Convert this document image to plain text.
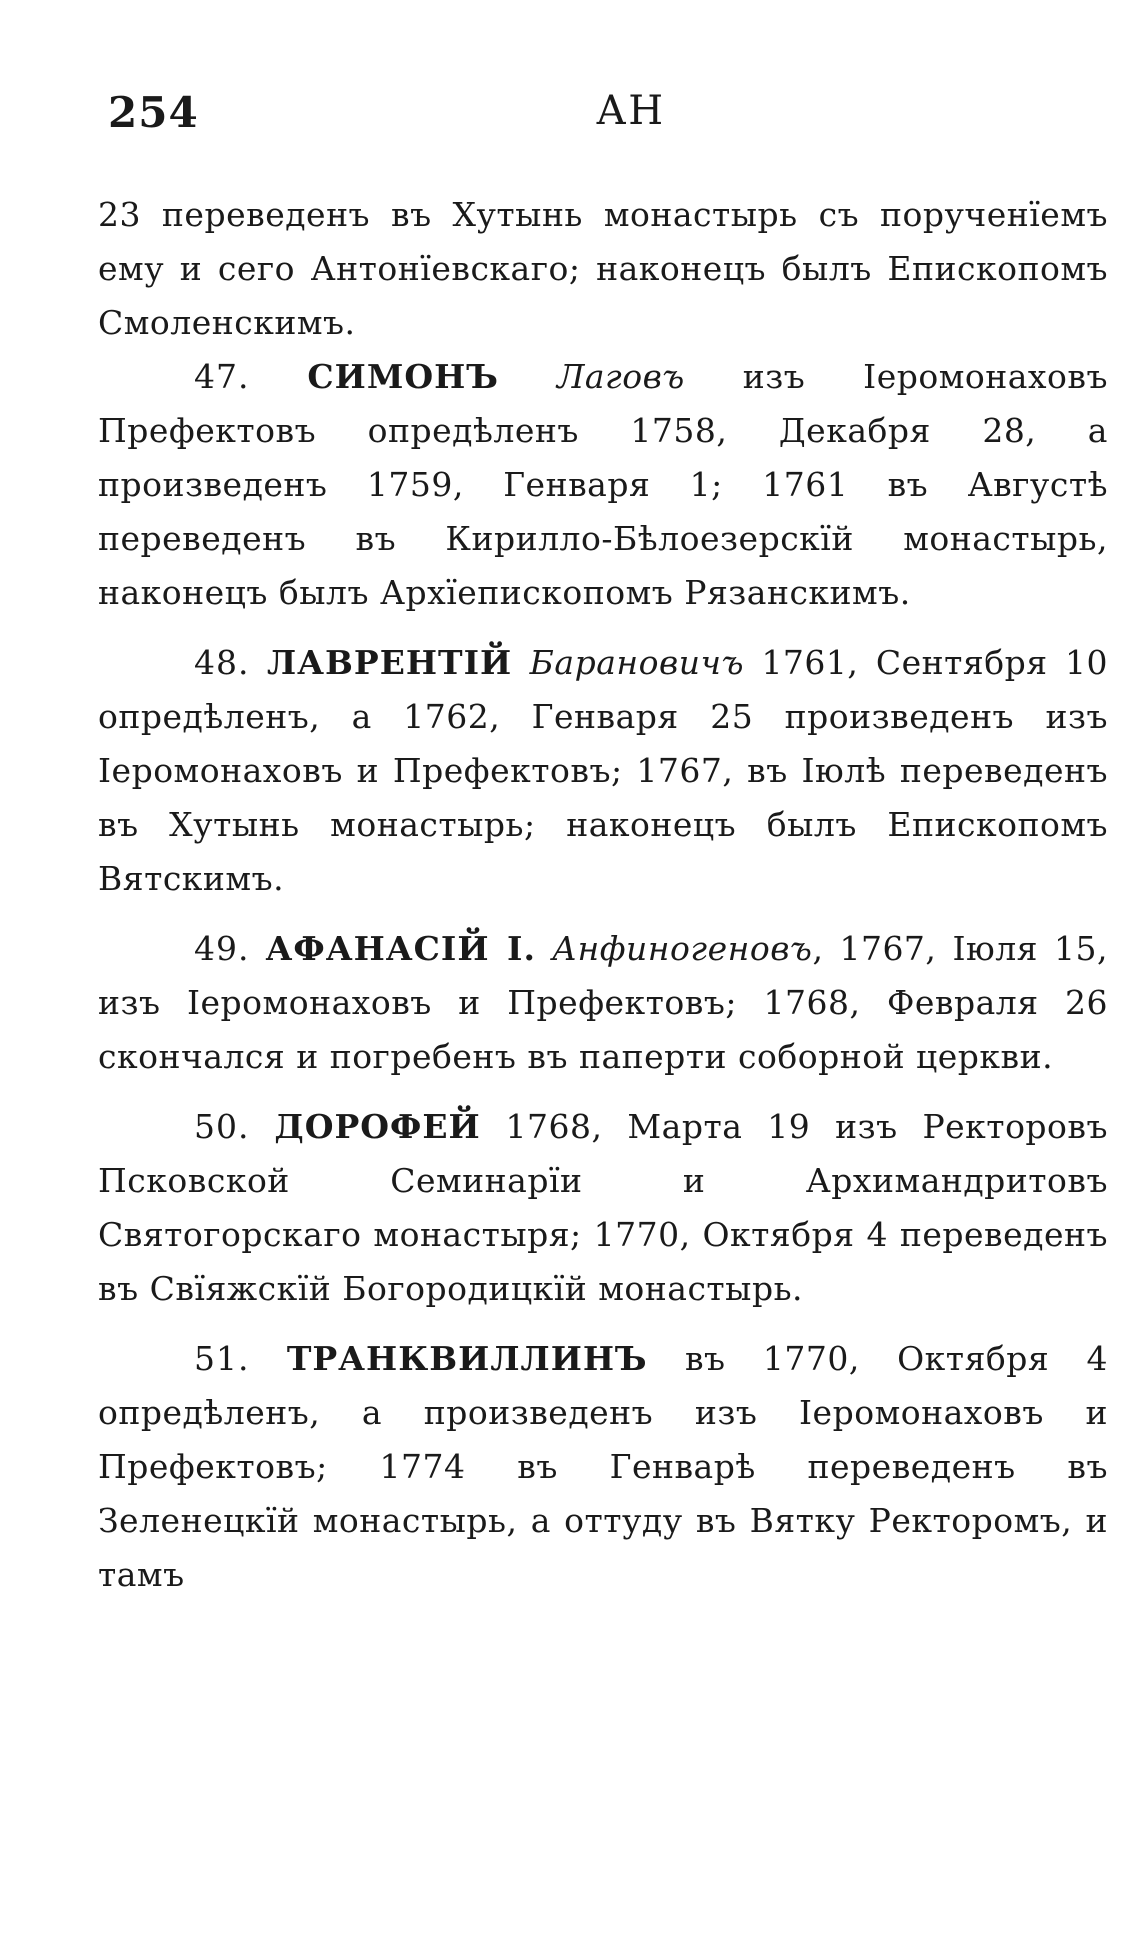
254	АН

23 переведенъ въ Хутынь монастырь съ порученїемъ ему и сего Антонїевскаго; наконецъ былъ Епископомъ Смоленскимъ.

47. СИМОНЪ Лаговъ изъ Іеромонаховъ Префектовъ опредѣленъ 1758, Декабря 28, а произведенъ 1759, Генваря 1; 1761 въ Августѣ переведенъ въ Кирилло-Бѣлоезерскїй монастырь, наконецъ былъ Архїепископомъ Рязанскимъ.

48. ЛАВРЕНТІЙ Барановичъ 1761, Сентября 10 опредѣленъ, а 1762, Генваря 25 произведенъ изъ Іеромонаховъ и Префектовъ; 1767, въ Іюлѣ переведенъ въ Хутынь монастырь; наконецъ былъ Епископомъ Вятскимъ.

49. АФАНАСІЙ І. Анфиногеновъ, 1767, Іюля 15, изъ Іеромонаховъ и Префектовъ; 1768, Февраля 26 скончался и погребенъ въ паперти соборной церкви.

50. ДОРОФЕЙ 1768, Марта 19 изъ Ректоровъ Псковской Семинарїи и Архимандритовъ Святогорскаго монастыря; 1770, Октября 4 переведенъ въ Свїяжскїй Богородицкїй монастырь.

51. ТРАНКВИЛЛИНЪ въ 1770, Октября 4 опредѣленъ, а произведенъ изъ Іеромонаховъ и Префектовъ; 1774 въ Генварѣ переведенъ въ Зеленецкїй монастырь, а оттуду въ Вятку Ректоромъ, и тамъ
